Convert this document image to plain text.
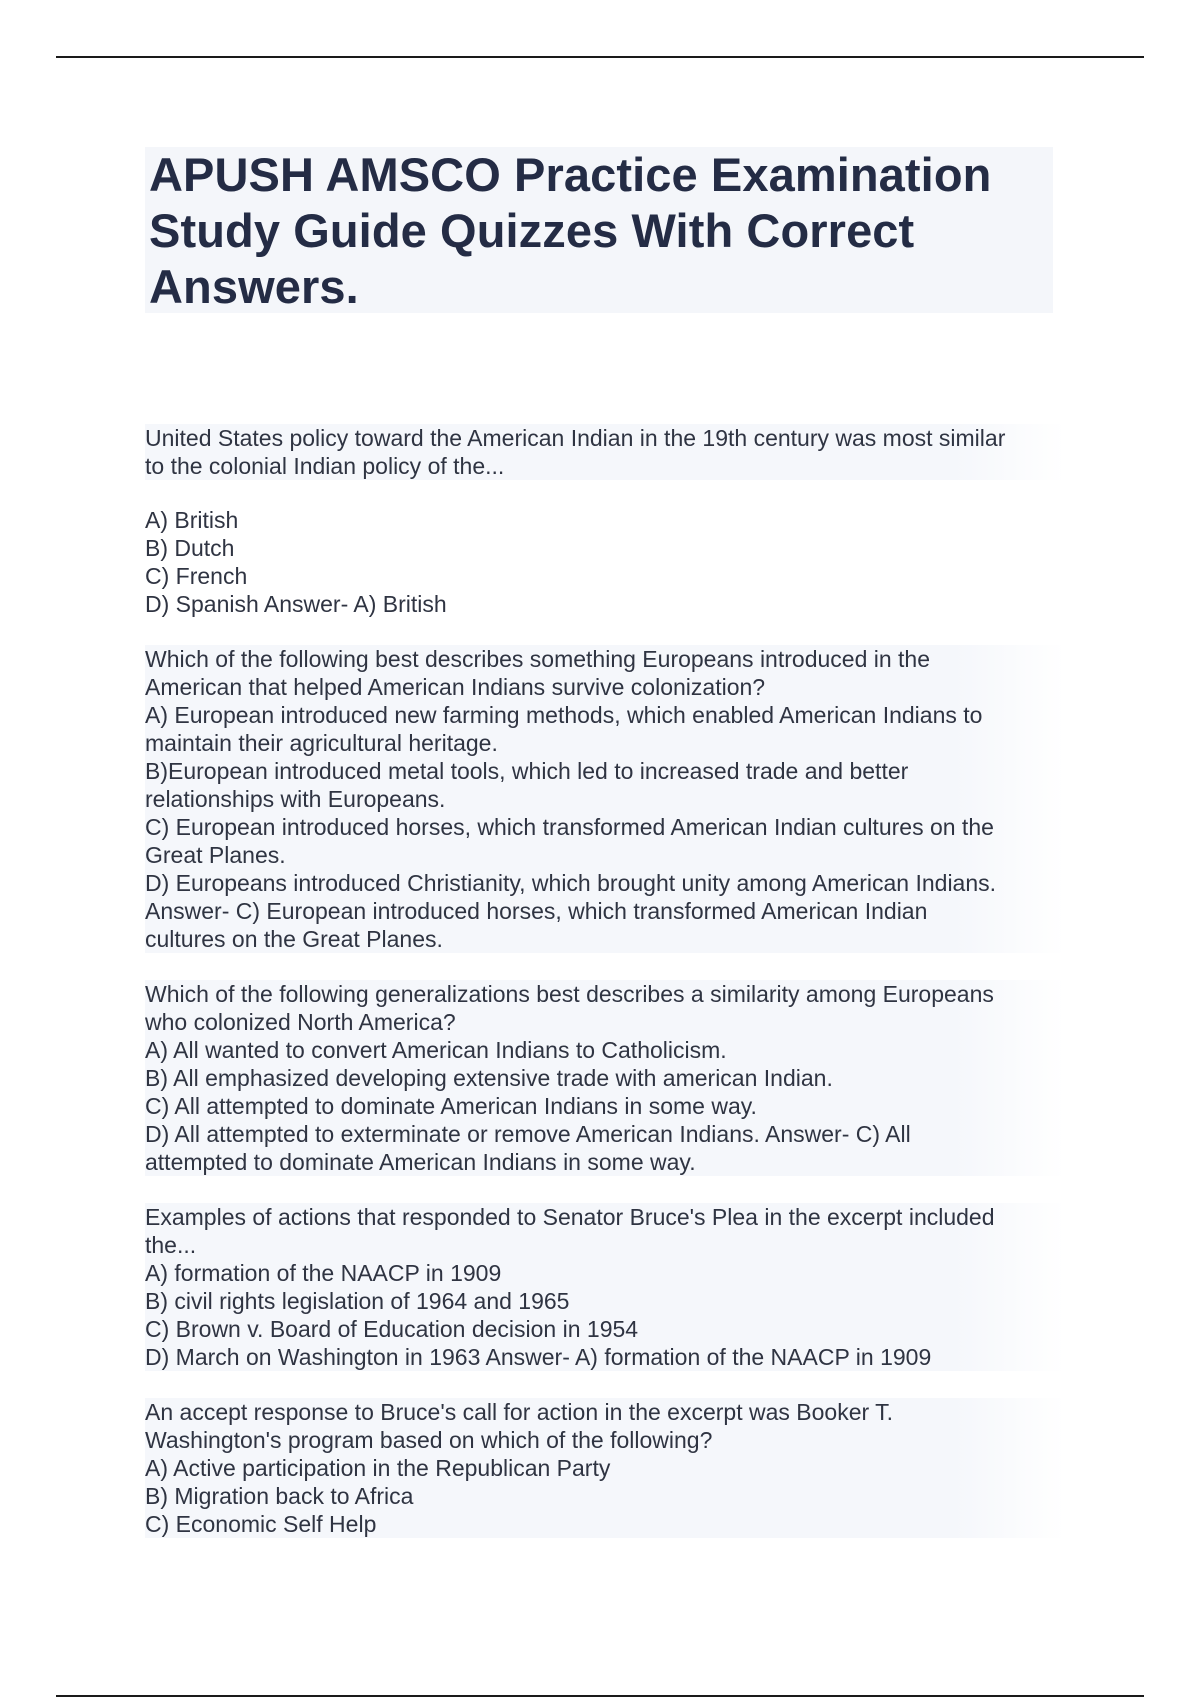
APUSH AMSCO Practice Examination
Study Guide Quizzes With Correct
Answers.
United States policy toward the American Indian in the 19th century was most similar
to the colonial Indian policy of the...
A) British
B) Dutch
C) French
D) Spanish Answer- A) British
Which of the following best describes something Europeans introduced in the
American that helped American Indians survive colonization?
A) European introduced new farming methods, which enabled American Indians to
maintain their agricultural heritage.
B)European introduced metal tools, which led to increased trade and better
relationships with Europeans.
C) European introduced horses, which transformed American Indian cultures on the
Great Planes.
D) Europeans introduced Christianity, which brought unity among American Indians.
Answer- C) European introduced horses, which transformed American Indian
cultures on the Great Planes.
Which of the following generalizations best describes a similarity among Europeans
who colonized North America?
A) All wanted to convert American Indians to Catholicism.
B) All emphasized developing extensive trade with american Indian.
C) All attempted to dominate American Indians in some way.
D) All attempted to exterminate or remove American Indians. Answer- C) All
attempted to dominate American Indians in some way.
Examples of actions that responded to Senator Bruce's Plea in the excerpt included
the...
A) formation of the NAACP in 1909
B) civil rights legislation of 1964 and 1965
C) Brown v. Board of Education decision in 1954
D) March on Washington in 1963 Answer- A) formation of the NAACP in 1909
An accept response to Bruce's call for action in the excerpt was Booker T.
Washington's program based on which of the following?
A) Active participation in the Republican Party
B) Migration back to Africa
C) Economic Self Help
